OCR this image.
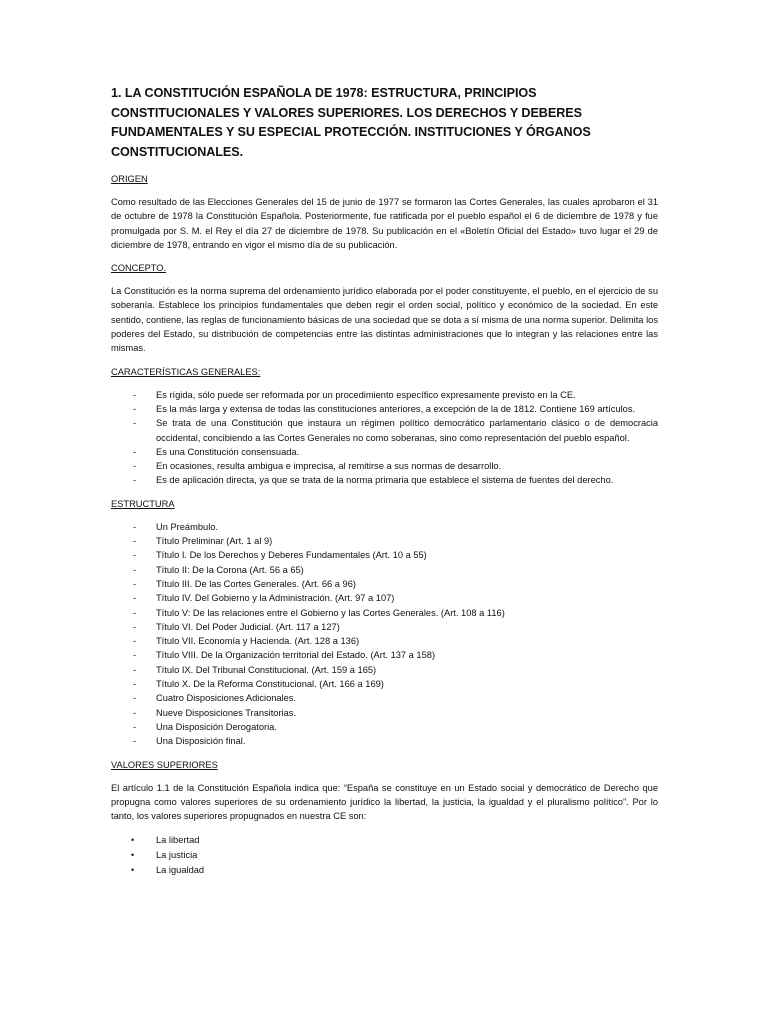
1. LA CONSTITUCIÓN ESPAÑOLA DE 1978: ESTRUCTURA, PRINCIPIOS CONSTITUCIONALES Y VALORES SUPERIORES. LOS DERECHOS Y DEBERES FUNDAMENTALES Y SU ESPECIAL PROTECCIÓN. INSTITUCIONES Y ÓRGANOS CONSTITUCIONALES.
ORIGEN

Como resultado de las Elecciones Generales del 15 de junio de 1977 se formaron las Cortes Generales, las cuales aprobaron el 31 de octubre de 1978 la Constitución Española. Posteriormente, fue ratificada por el pueblo español el 6 de diciembre de 1978 y fue promulgada por S. M. el Rey el día 27 de diciembre de 1978. Su publicación en el «Boletín Oficial del Estado» tuvo lugar el 29 de diciembre de 1978, entrando en vigor el mismo día de su publicación.

CONCEPTO.

La Constitución es la norma suprema del ordenamiento jurídico elaborada por el poder constituyente, el pueblo, en el ejercicio de su soberanía. Establece los principios fundamentales que deben regir el orden social, político y económico de la sociedad. En este sentido, contiene, las reglas de funcionamiento básicas de una sociedad que se dota a sí misma de una norma superior. Delimita los poderes del Estado, su distribución de competencias entre las distintas administraciones que lo integran y las relaciones entre las mismas.

CARACTERÍSTICAS GENERALES:
- Es rígida, sólo puede ser reformada por un procedimiento específico expresamente previsto en la CE.
- Es la más larga y extensa de todas las constituciones anteriores, a excepción de la de 1812. Contiene 169 artículos.
- Se trata de una Constitución que instaura un régimen político democrático parlamentario clásico o de democracia occidental, concibiendo a las Cortes Generales no como soberanas, sino como representación del pueblo español.
- Es una Constitución consensuada.
- En ocasiones, resulta ambigua e imprecisa, al remitirse a sus normas de desarrollo.
- Es de aplicación directa, ya que se trata de la norma primaria que establece el sistema de fuentes del derecho.
ESTRUCTURA
- Un Preámbulo.
- Título Preliminar (Art. 1 al 9)
- Título I. De los Derechos y Deberes Fundamentales (Art. 10 a 55)
- Título II: De la Corona (Art. 56 a 65)
- Título III. De las Cortes Generales. (Art. 66 a 96)
- Título IV. Del Gobierno y la Administración. (Art. 97 a 107)
- Título V: De las relaciones entre el Gobierno y las Cortes Generales. (Art. 108 a 116)
- Título VI. Del Poder Judicial. (Art. 117 a 127)
- Título VII. Economía y Hacienda. (Art. 128 a 136)
- Título VIII. De la Organización territorial del Estado. (Art. 137 a 158)
- Título IX. Del Tribunal Constitucional. (Art. 159 a 165)
- Título X. De la Reforma Constitucional. (Art. 166 a 169)
- Cuatro Disposiciones Adicionales.
- Nueve Disposiciones Transitorias.
- Una Disposición Derogatoria.
- Una Disposición final.
VALORES SUPERIORES

El artículo 1.1 de la Constitución Española indica que: “España se constituye en un Estado social y democrático de Derecho que propugna como valores superiores de su ordenamiento jurídico la libertad, la justicia, la igualdad y el pluralismo político”. Por lo tanto, los valores superiores propugnados en nuestra CE son:

• La libertad
• La justicia
• La igualdad
